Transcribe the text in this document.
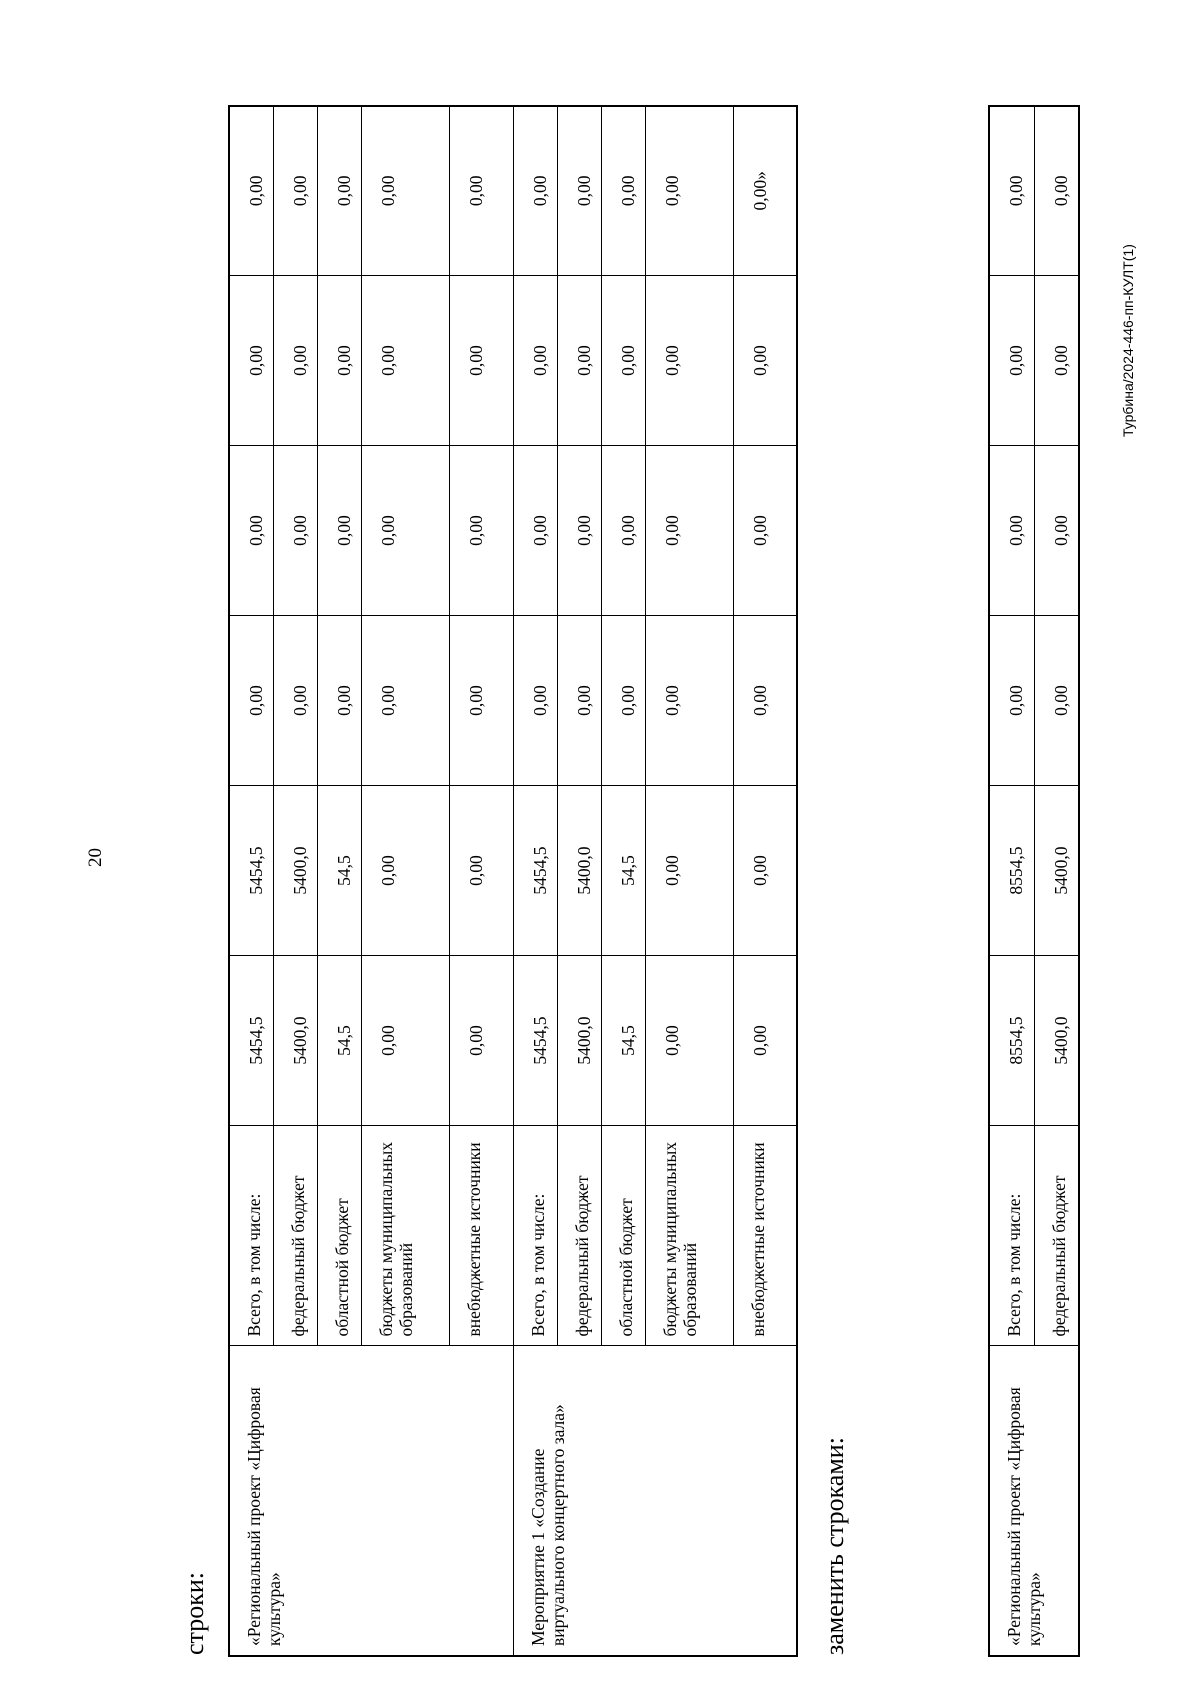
20
строки: «Региональный проект «Цифровая культура»	Всего, в том числе:	5454,5	5454,5	0,00	0,00	0,00	0,00
	федеральный бюджет	5400,0	5400,0	0,00	0,00	0,00	0,00
	областной бюджет	54,5	54,5	0,00	0,00	0,00	0,00
	бюджеты муниципальных образований	0,00	0,00	0,00	0,00	0,00	0,00
	внебюджетные источники	0,00	0,00	0,00	0,00	0,00	0,00
Мероприятие 1 «Создание виртуального концертного зала»	Всего, в том числе:	5454,5	5454,5	0,00	0,00	0,00	0,00
	федеральный бюджет	5400,0	5400,0	0,00	0,00	0,00	0,00
	областной бюджет	54,5	54,5	0,00	0,00	0,00	0,00
	бюджеты муниципальных образований	0,00	0,00	0,00	0,00	0,00	0,00
	внебюджетные источники	0,00	0,00	0,00	0,00	0,00	0,00»
заменить строками:	«Региональный проект «Цифровая культура»	Всего, в том числе:	8554,5	8554,5	0,00	0,00	0,00	0,00
	федеральный бюджет	5400,0	5400,0	0,00	0,00	0,00	0,00
Турбина/2024-446-пп-КУЛТ(1)
